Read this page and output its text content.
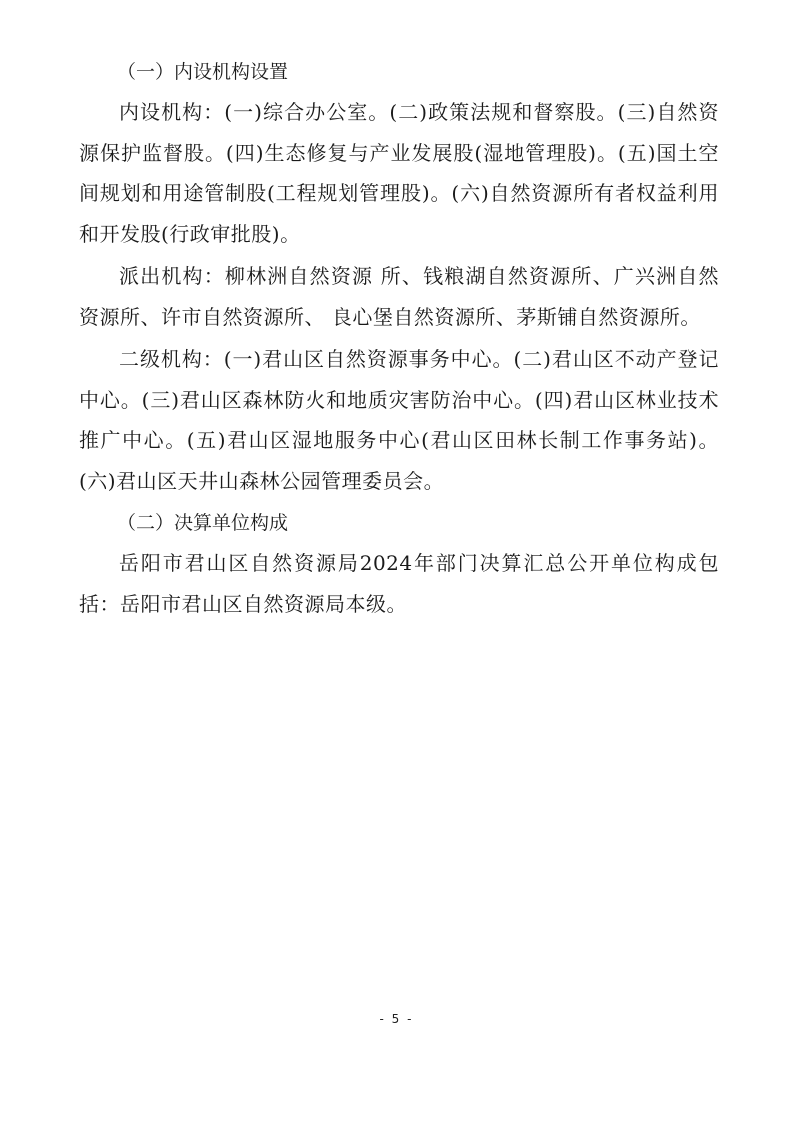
（一）内设机构设置

内设机构：(一)综合办公室。(二)政策法规和督察股。(三)自然资源保护监督股。(四)生态修复与产业发展股(湿地管理股)。(五)国土空间规划和用途管制股(工程规划管理股)。(六)自然资源所有者权益利用和开发股(行政审批股)。

派出机构：柳林洲自然资源 所、钱粮湖自然资源所、广兴洲自然资源所、许市自然资源所、 良心堡自然资源所、茅斯铺自然资源所。

二级机构：(一)君山区自然资源事务中心。(二)君山区不动产登记中心。(三)君山区森林防火和地质灾害防治中心。(四)君山区林业技术推广中心。(五)君山区湿地服务中心(君山区田林长制工作事务站)。(六)君山区天井山森林公园管理委员会。

（二）决算单位构成

岳阳市君山区自然资源局2024年部门决算汇总公开单位构成包括：岳阳市君山区自然资源局本级。

- 5 -
